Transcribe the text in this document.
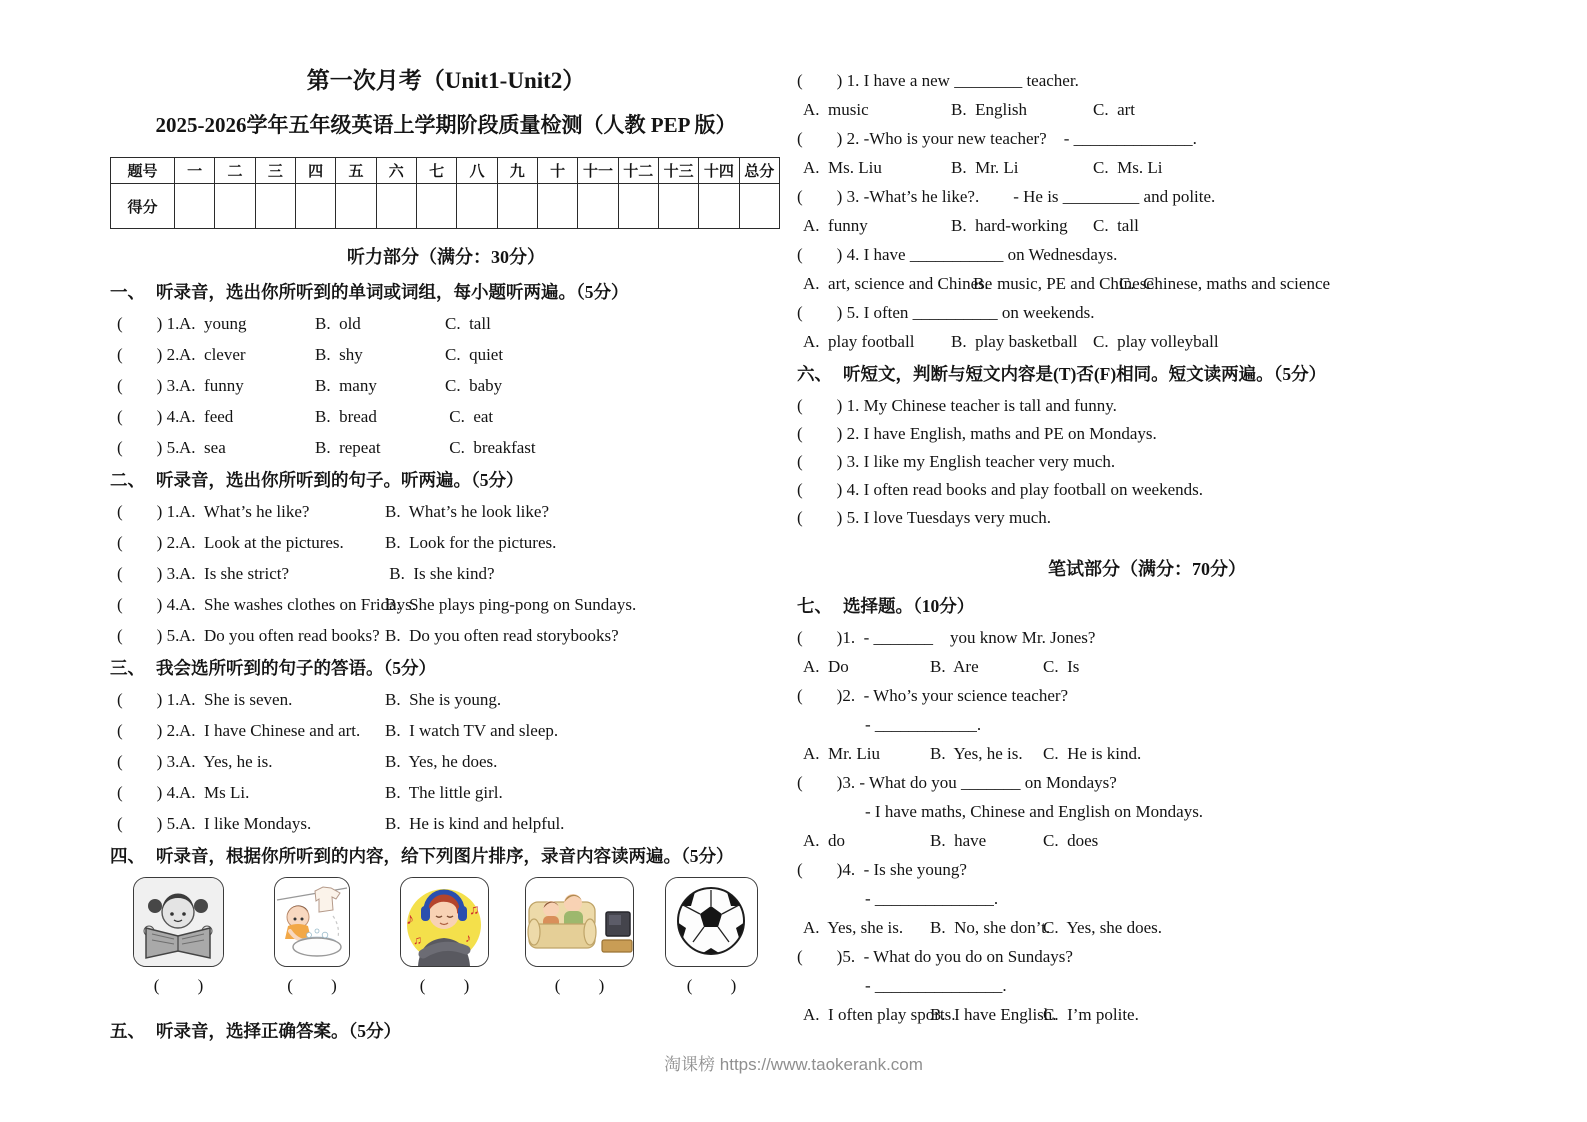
第一次月考（Unit1-Unit2）
2025-2026学年五年级英语上学期阶段质量检测（人教 PEP 版）
题号	一	二	三	四	五	六	七	八	九	十	十一	十二	十三	十四	总分
得分															
听力部分（满分：30分）
一、 听录音，选出你所听到的单词或词组，每小题听两遍。（5分）
(        ) 1. A.  young	B.  old	C.  tall
(        ) 2. A.  clever	B.  shy	C.  quiet
(        ) 3. A.  funny	B.  many	C.  baby
(        ) 4. A.  feed	B.  bread	C.  eat
(        ) 5. A.  sea	B.  repeat	C.  breakfast
二、 听录音，选出你所听到的句子。听两遍。（5分）
(        ) 1. A.  What’s he like?	B.  What’s he look like?
(        ) 2. A.  Look at the pictures.	B.  Look for the pictures.
(        ) 3. A.  Is she strict?	B.  Is she kind?
(        ) 4. A.  She washes clothes on Fridays.
B.  She plays ping-pong on Sundays.
(        ) 5. A.  Do you often read books? B.  Do you often read storybooks?
三、 我会选所听到的句子的答语。（5分）
(        ) 1. A.  She is seven.	B.  She is young.
(        ) 2. A.  I have Chinese and art.	B.  I watch TV and sleep.
(        ) 3. A.  Yes, he is.	B.  Yes, he does.
(        ) 4. A.  Ms Li.	B.  The little girl.
(        ) 5. A.  I like Mondays.	B.  He is kind and helpful.
四、 听录音，根据你所听到的内容，给下列图片排序，录音内容读两遍。（5分）
(         )	(         )
♪
♫
♪
♫
(         )	(         )	(         )
五、 听录音，选择正确答案。（5分）
(        ) 1. I have a new ________ teacher.
A.  music	B.  English	C.  art
(        ) 2. -Who is your new teacher?    - ______________.
A.  Ms. Liu	B.  Mr. Li	C.  Ms. Li
(        ) 3. -What’s he like?.        - He is _________ and polite.
A.  funny	B.  hard-working	C.  tall
(        ) 4. I have ___________ on Wednesdays.
A.  art, science and Chinese
B.  music, PE and Chinese
C.  Chinese, maths and science
(        ) 5. I often __________ on weekends.
A.  play football	B.  play basketball C.  play volleyball
六、 听短文，判断与短文内容是(T)否(F)相同。短文读两遍。（5分）
(        ) 1. My Chinese teacher is tall and funny.
(        ) 2. I have English, maths and PE on Mondays.
(        ) 3. I like my English teacher very much.
(        ) 4. I often read books and play football on weekends.
(        ) 5. I love Tuesdays very much.
笔试部分（满分：70分）
七、 选择题。（10分）
(        )1.  - _______    you know Mr. Jones?
A.  Do	B.  Are	C.  Is
(        )2.  - Who’s your science teacher?
- ____________.
A.  Mr. Liu	B.  Yes, he is.	C.  He is kind.
(        )3. - What do you _______ on Mondays?
- I have maths, Chinese and English on Mondays.
A.  do	B.  have	C.  does
(        )4.  - Is she young?
- ______________.
A.  Yes, she is.	B.  No, she don’t.
C.  Yes, she does.
(        )5.  - What do you do on Sundays?
- _______________.
A.  I often play sports.
B.  I have English.
C.  I’m polite.
淘课榜 https://www.taokerank.com
